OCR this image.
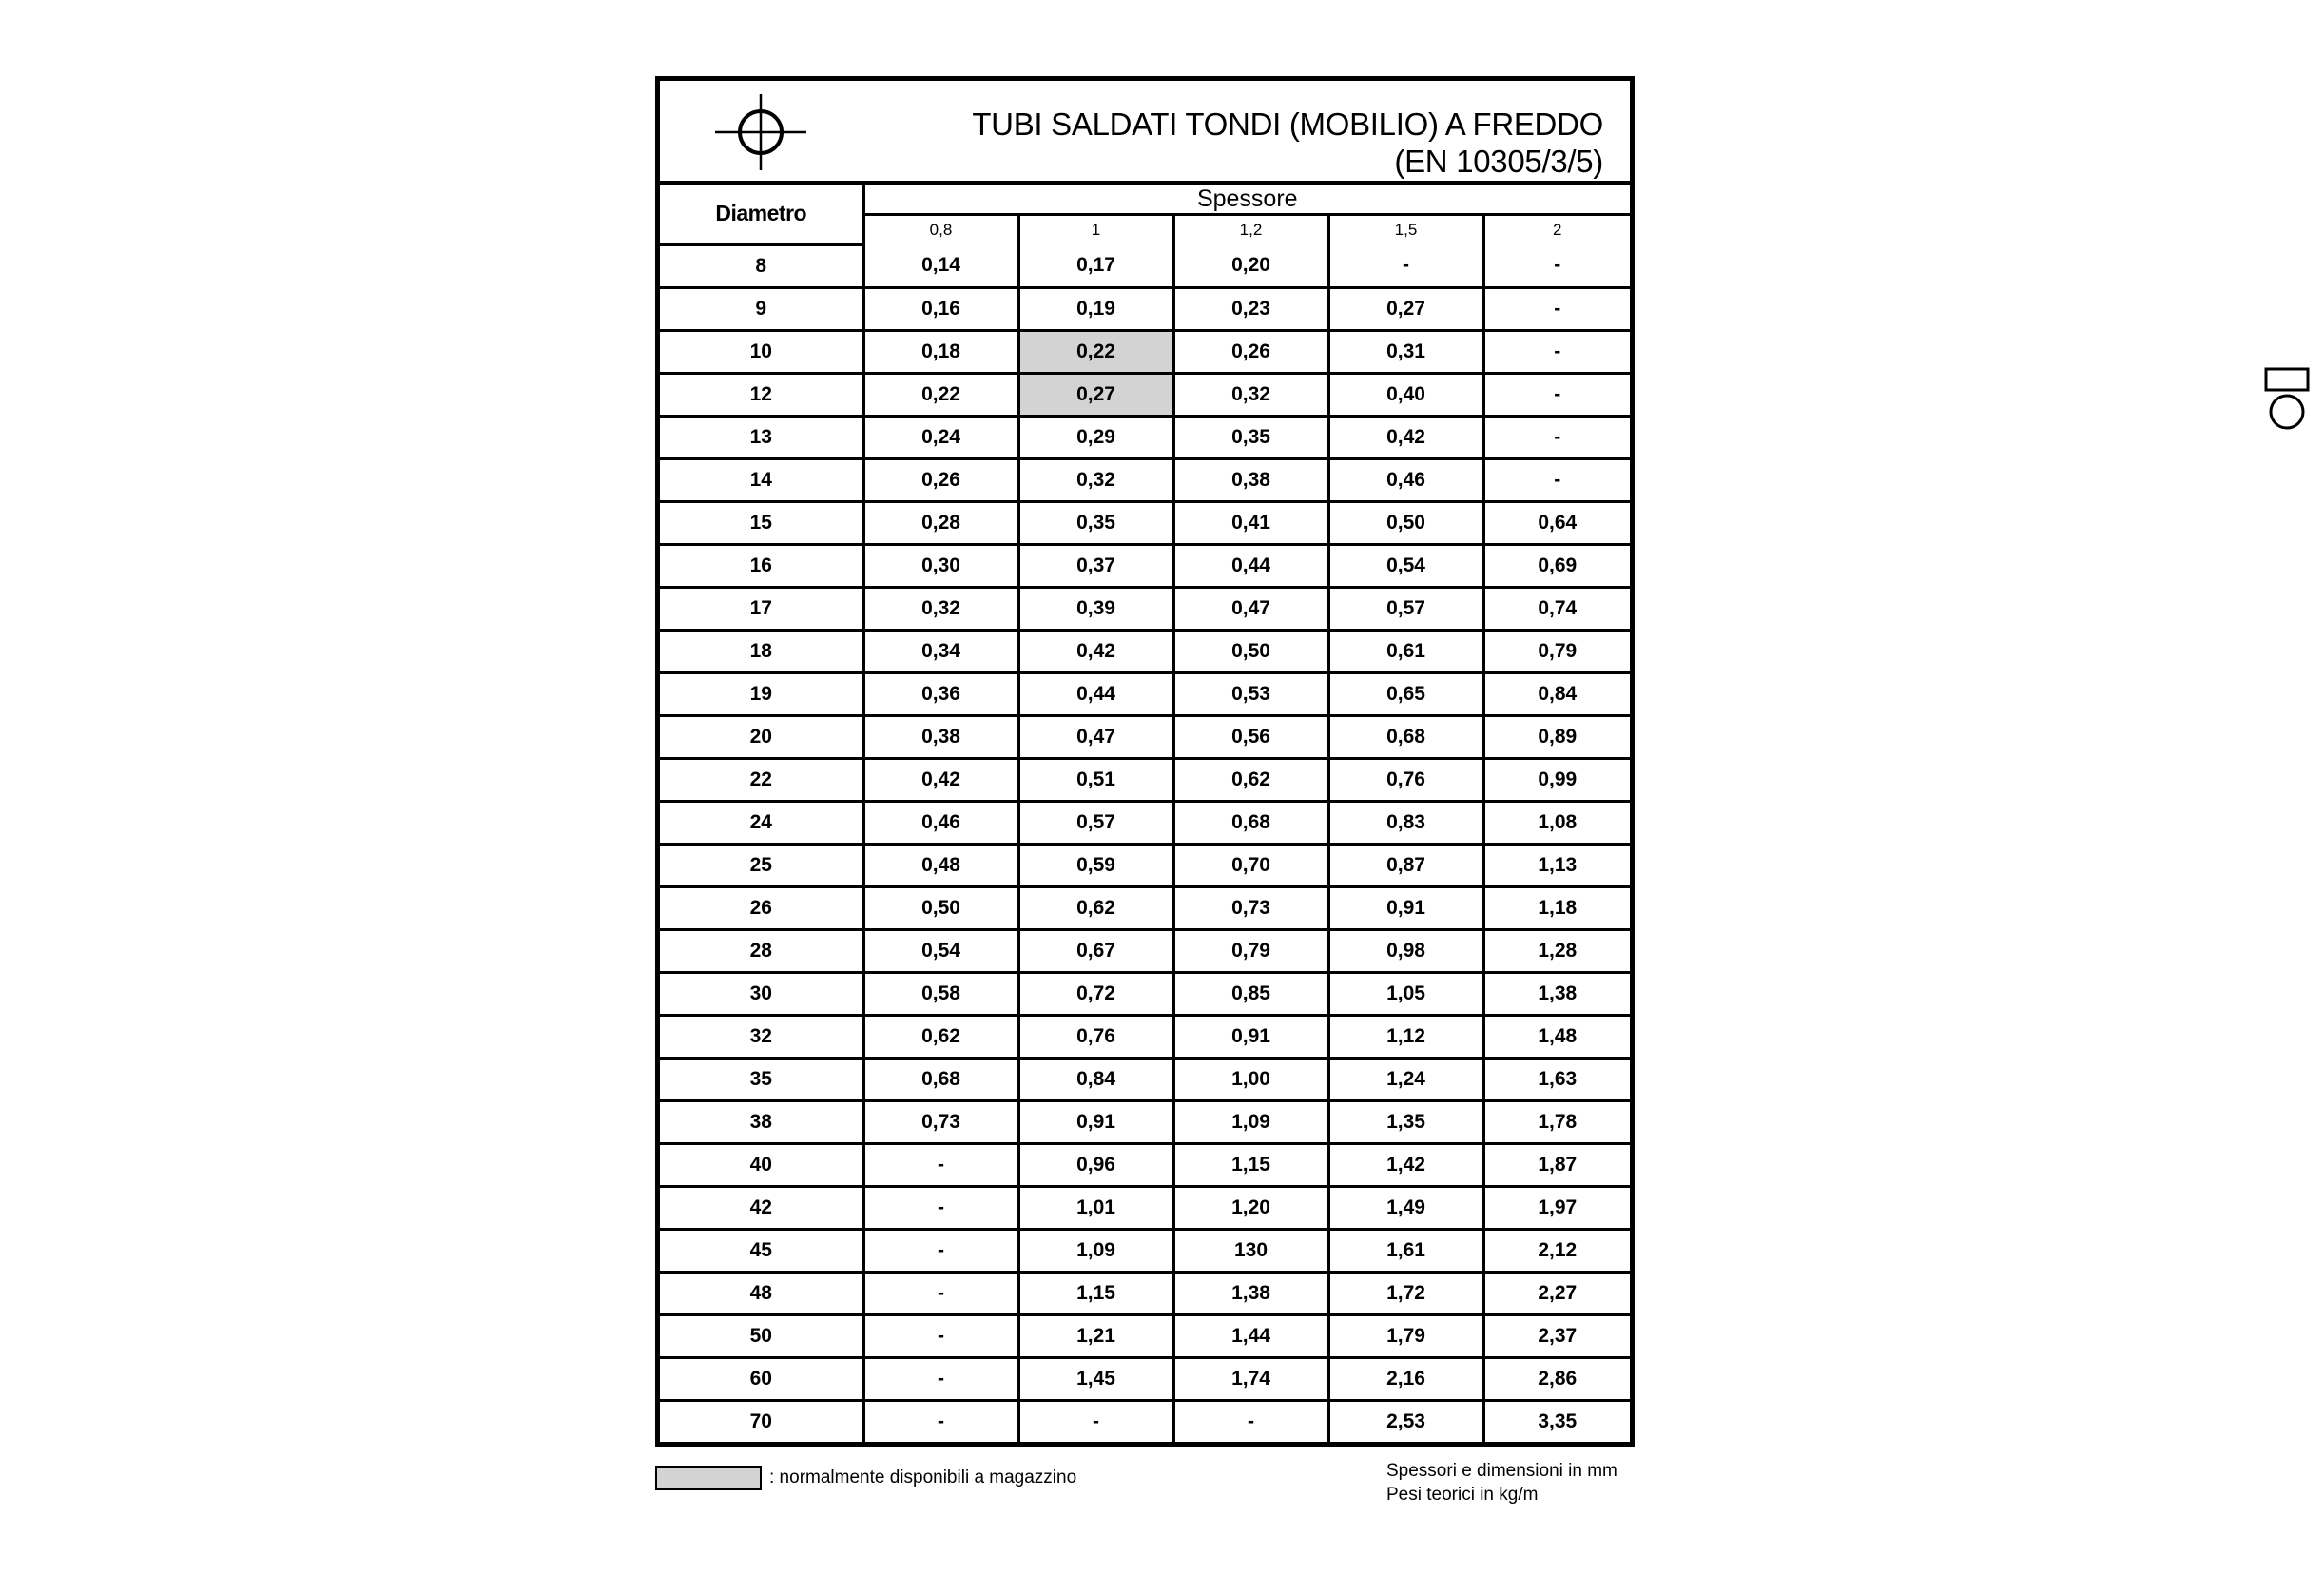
TUBI SALDATI TONDI (MOBILIO) A FREDDO
(EN 10305/3/5)
Diametro	Spessore				
	0,8	1	1,2	1,5	2
8	0,14	0,17	0,20	-	-
9	0,16	0,19	0,23	0,27	-
10	0,18	0,22	0,26	0,31	-
12	0,22	0,27	0,32	0,40	-
13	0,24	0,29	0,35	0,42	-
14	0,26	0,32	0,38	0,46	-
15	0,28	0,35	0,41	0,50	0,64
16	0,30	0,37	0,44	0,54	0,69
17	0,32	0,39	0,47	0,57	0,74
18	0,34	0,42	0,50	0,61	0,79
19	0,36	0,44	0,53	0,65	0,84
20	0,38	0,47	0,56	0,68	0,89
22	0,42	0,51	0,62	0,76	0,99
24	0,46	0,57	0,68	0,83	1,08
25	0,48	0,59	0,70	0,87	1,13
26	0,50	0,62	0,73	0,91	1,18
28	0,54	0,67	0,79	0,98	1,28
30	0,58	0,72	0,85	1,05	1,38
32	0,62	0,76	0,91	1,12	1,48
35	0,68	0,84	1,00	1,24	1,63
38	0,73	0,91	1,09	1,35	1,78
40	-	0,96	1,15	1,42	1,87
42	-	1,01	1,20	1,49	1,97
45	-	1,09	130	1,61	2,12
48	-	1,15	1,38	1,72	2,27
50	-	1,21	1,44	1,79	2,37
60	-	1,45	1,74	2,16	2,86
70	-	-	-	2,53	3,35
: normalmente disponibili a magazzino	Spessori e dimensioni in mm
Pesi teorici in kg/m
